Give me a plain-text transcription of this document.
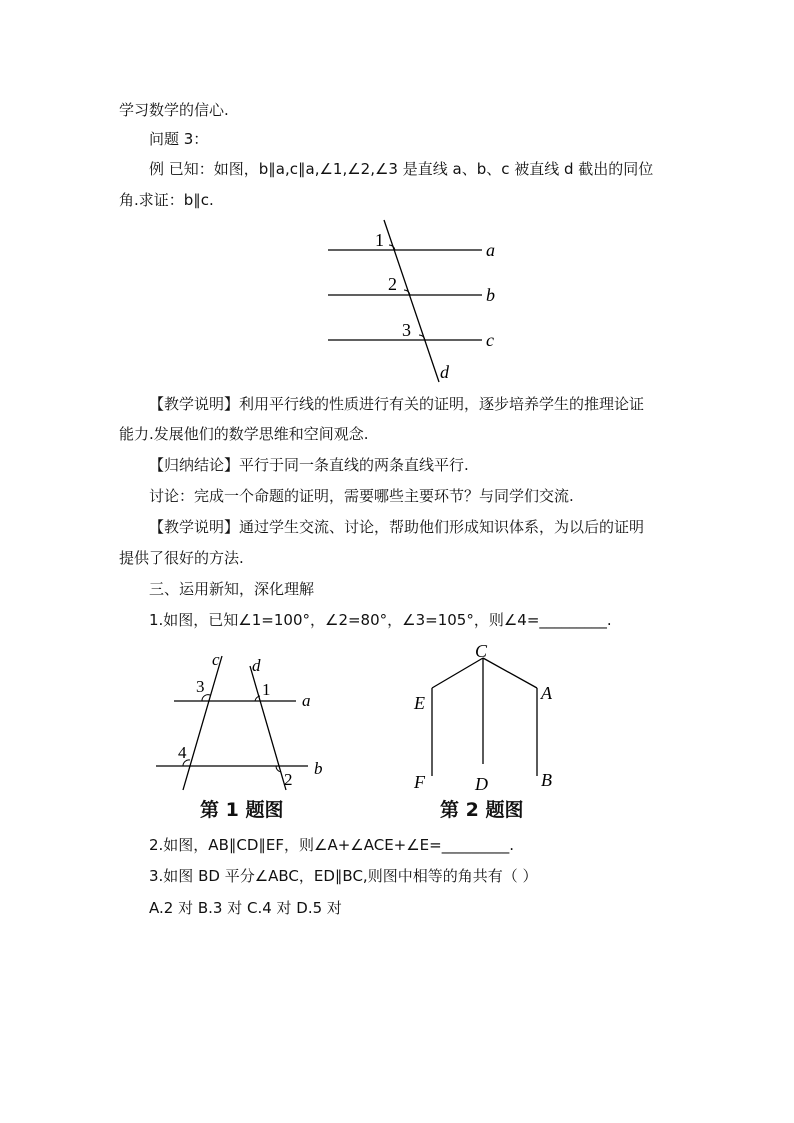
学习数学的信心.
问题 3：
例 已知：如图，b∥a,c∥a,∠1,∠2,∠3 是直线 a、b、c 被直线 d 截出的同位
角.求证：b∥c.
1
2
3
a
b
c
d
【教学说明】利用平行线的性质进行有关的证明，逐步培养学生的推理论证
能力.发展他们的数学思维和空间观念.
【归纳结论】平行于同一条直线的两条直线平行.
讨论：完成一个命题的证明，需要哪些主要环节？与同学们交流.
【教学说明】通过学生交流、讨论，帮助他们形成知识体系，为以后的证明
提供了很好的方法.
三、运用新知，深化理解
1.如图，已知∠1=100°，∠2=80°，∠3=105°，则∠4=_________.
c d
a
b
3	1
4
2
第 1 题图
C
E	A
F	D	B
第 2 题图
2.如图，AB∥CD∥EF，则∠A+∠ACE+∠E=_________.
3.如图 BD 平分∠ABC，ED∥BC,则图中相等的角共有（ ）
A.2 对 B.3 对 C.4 对 D.5 对
